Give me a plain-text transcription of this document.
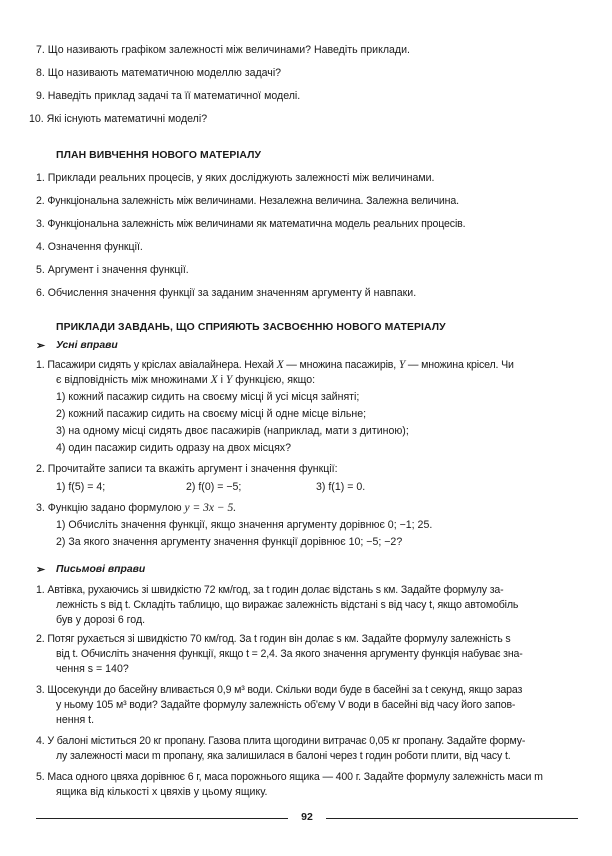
7. Що називають графіком залежності між величинами? Наведіть приклади.
8. Що називають математичною моделлю задачі?
9. Наведіть приклад задачі та її математичної моделі.
10. Які існують математичні моделі?
ПЛАН ВИВЧЕННЯ НОВОГО МАТЕРІАЛУ
1. Приклади реальних процесів, у яких досліджують залежності між величинами.
2. Функціональна залежність між величинами. Незалежна величина. Залежна величина.
3. Функціональна залежність між величинами як математична модель реальних процесів.
4. Означення функції.
5. Аргумент і значення функції.
6. Обчислення значення функції за заданим значенням аргументу й навпаки.
ПРИКЛАДИ ЗАВДАНЬ, ЩО СПРИЯЮТЬ ЗАСВОЄННЮ НОВОГО МАТЕРІАЛУ
➢ Усні вправи
1. Пасажири сидять у кріслах авіалайнера. Нехай X — множина пасажирів, Y — множина крісел. Чи
є відповідність між множинами X і Y функцією, якщо:
1) кожний пасажир сидить на своєму місці й усі місця зайняті;
2) кожний пасажир сидить на своєму місці й одне місце вільне;
3) на одному місці сидять двоє пасажирів (наприклад, мати з дитиною);
4) один пасажир сидить одразу на двох місцях?
2. Прочитайте записи та вкажіть аргумент і значення функції:
1) f(5) = 4;	2) f(0) = −5;	3) f(1) = 0.
3. Функцію задано формулою y = 3x − 5.
1) Обчисліть значення функції, якщо значення аргументу дорівнює 0; −1; 25.
2) За якого значення аргументу значення функції дорівнює 10; −5; −2?
➢ Письмові вправи
1. Автівка, рухаючись зі швидкістю 72 км/год, за t годин долає відстань s км. Задайте формулу за-
лежність s від t. Складіть таблицю, що виражає залежність відстані s від часу t, якщо автомобіль
був у дорозі 6 год.
2. Потяг рухається зі швидкістю 70 км/год. За t годин він долає s км. Задайте формулу залежність s
від t. Обчисліть значення функції, якщо t = 2,4. За якого значення аргументу функція набуває зна-
чення s = 140?
3. Щосекунди до басейну вливається 0,9 м³ води. Скільки води буде в басейні за t секунд, якщо зараз
у ньому 105 м³ води? Задайте формулу залежність об'єму V води в басейні від часу його запов-
нення t.
4. У балоні міститься 20 кг пропану. Газова плита щогодини витрачає 0,05 кг пропану. Задайте форму-
лу залежності маси m пропану, яка залишилася в балоні через t годин роботи плити, від часу t.
5. Маса одного цвяха дорівнює 6 г, маса порожнього ящика — 400 г. Задайте формулу залежність маси m
ящика від кількості x цвяхів у цьому ящику.
92
